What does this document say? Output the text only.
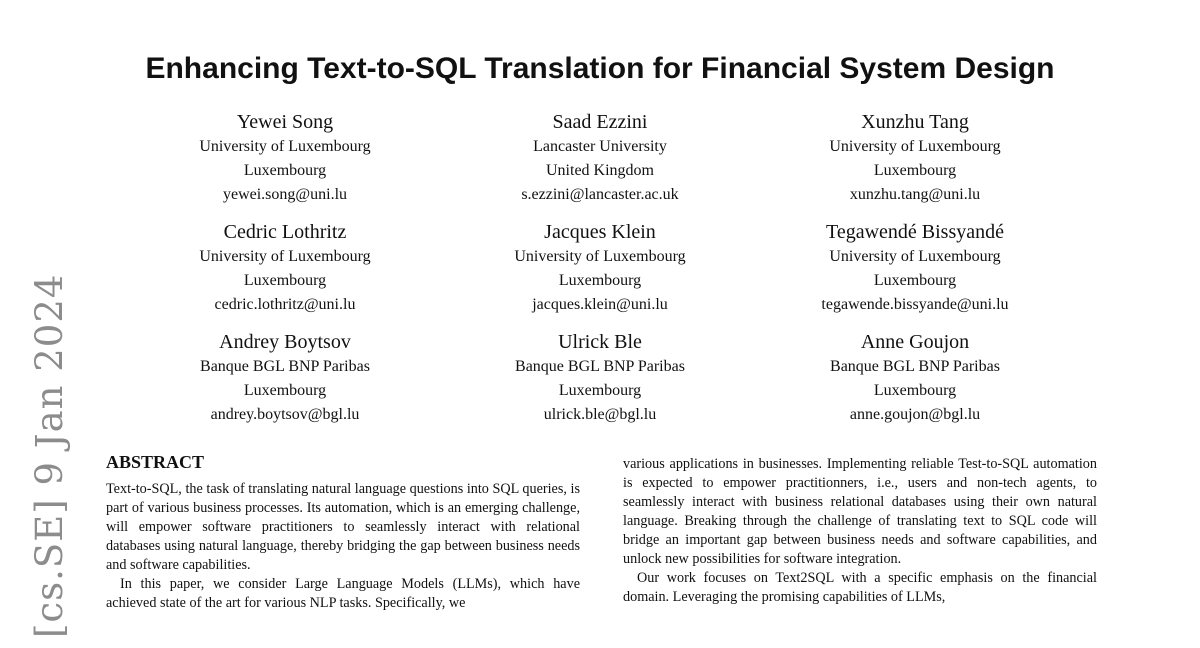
[cs.SE] 9 Jan 2024
Enhancing Text-to-SQL Translation for Financial System Design
Yewei Song
University of Luxembourg
Luxembourg
yewei.song@uni.lu
Saad Ezzini
Lancaster University
United Kingdom
s.ezzini@lancaster.ac.uk
Xunzhu Tang
University of Luxembourg
Luxembourg
xunzhu.tang@uni.lu
Cedric Lothritz
University of Luxembourg
Luxembourg
cedric.lothritz@uni.lu
Jacques Klein
University of Luxembourg
Luxembourg
jacques.klein@uni.lu
Tegawendé Bissyandé
University of Luxembourg
Luxembourg
tegawende.bissyande@uni.lu
Andrey Boytsov
Banque BGL BNP Paribas
Luxembourg
andrey.boytsov@bgl.lu
Ulrick Ble
Banque BGL BNP Paribas
Luxembourg
ulrick.ble@bgl.lu
Anne Goujon
Banque BGL BNP Paribas
Luxembourg
anne.goujon@bgl.lu
ABSTRACT

Text-to-SQL, the task of translating natural language questions into SQL queries, is part of various business processes. Its automation, which is an emerging challenge, will empower software practitioners to seamlessly interact with relational databases using natural language, thereby bridging the gap between business needs and software capabilities.

In this paper, we consider Large Language Models (LLMs), which have achieved state of the art for various NLP tasks. Specifically, we

various applications in businesses. Implementing reliable Test-to-SQL automation is expected to empower practitionners, i.e., users and non-tech agents, to seamlessly interact with business relational databases using their own natural language. Breaking through the challenge of translating text to SQL code will bridge an important gap between business needs and software capabilities, and unlock new possibilities for software integration.

Our work focuses on Text2SQL with a specific emphasis on the financial domain. Leveraging the promising capabilities of LLMs,
